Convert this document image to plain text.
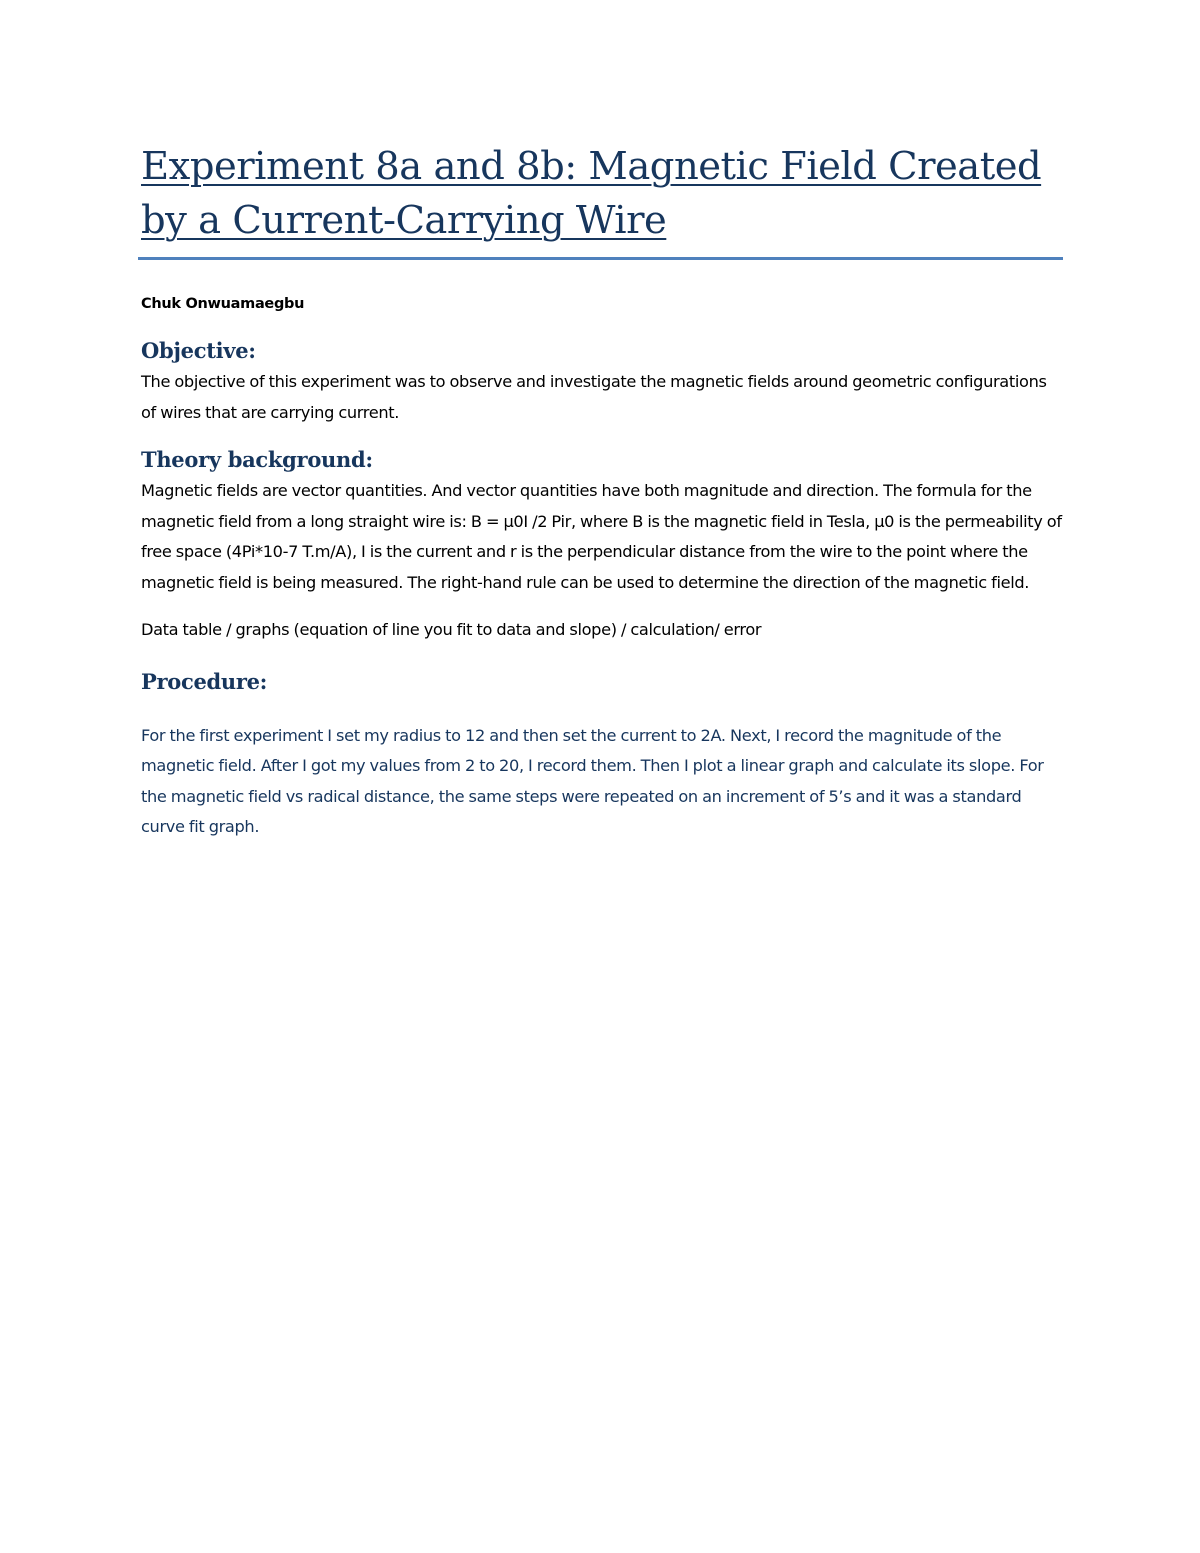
Experiment 8a and 8b: Magnetic Field Created by a Current-Carrying Wire
Chuk Onwuamaegbu
Objective:

The objective of this experiment was to observe and investigate the magnetic fields around geometric configurations of wires that are carrying current.

Theory background:

Magnetic fields are vector quantities. And vector quantities have both magnitude and direction. The formula for the magnetic field from a long straight wire is: B = µ0I /2 Pir, where B is the magnetic field in Tesla, µ0 is the permeability of free space (4Pi*10-7 T.m/A), I is the current and r is the perpendicular distance from the wire to the point where the magnetic field is being measured. The right-hand rule can be used to determine the direction of the magnetic field.

Data table / graphs (equation of line you fit to data and slope) / calculation/ error

Procedure:

For the first experiment I set my radius to 12 and then set the current to 2A. Next, I record the magnitude of the magnetic field. After I got my values from 2 to 20, I record them. Then I plot a linear graph and calculate its slope. For the magnetic field vs radical distance, the same steps were repeated on an increment of 5’s and it was a standard curve fit graph.
